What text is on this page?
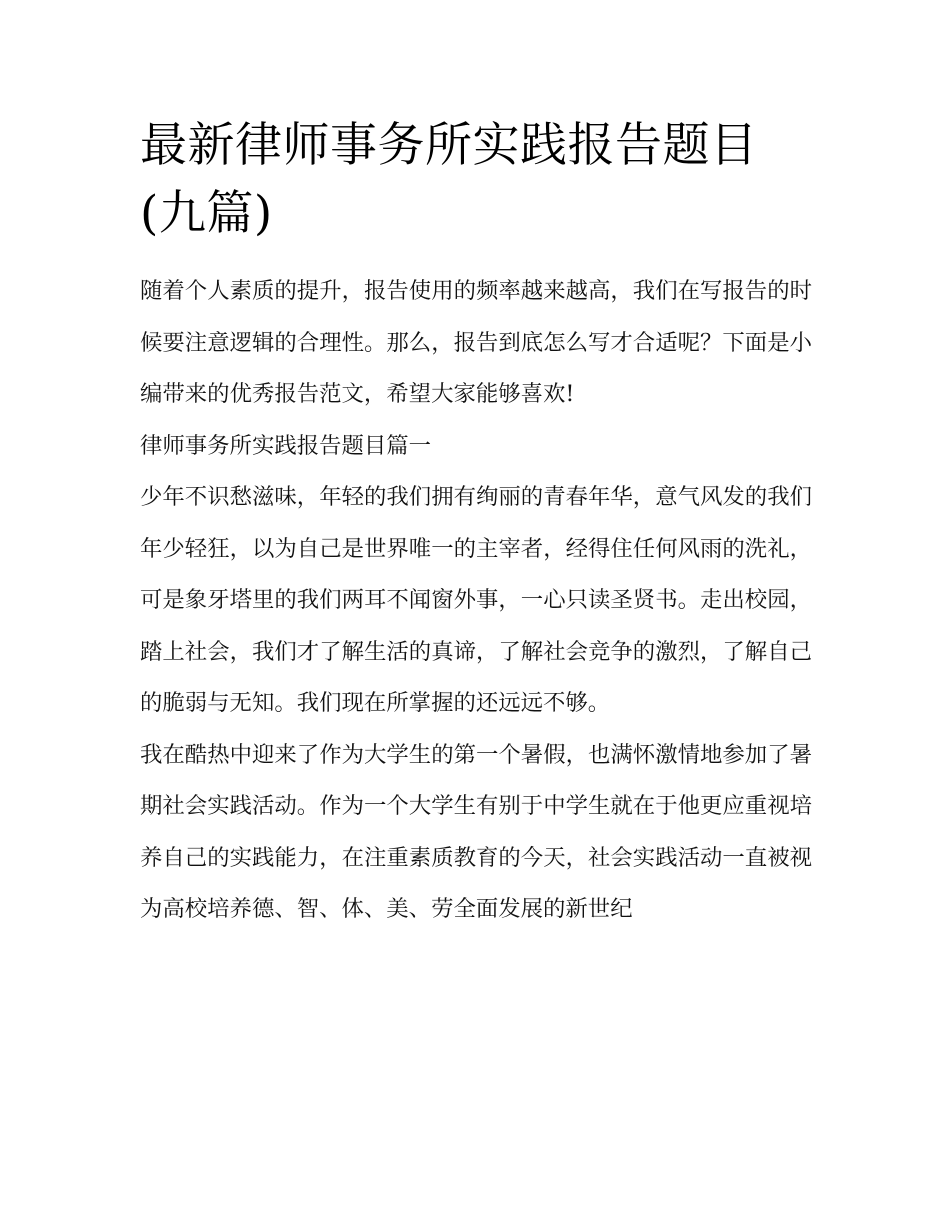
最新律师事务所实践报告题目(九篇)

随着个人素质的提升，报告使用的频率越来越高，我们在写报告的时候要注意逻辑的合理性。那么，报告到底怎么写才合适呢？下面是小编带来的优秀报告范文，希望大家能够喜欢!

律师事务所实践报告题目篇一

少年不识愁滋味，年轻的我们拥有绚丽的青春年华，意气风发的我们年少轻狂，以为自己是世界唯一的主宰者，经得住任何风雨的洗礼，可是象牙塔里的我们两耳不闻窗外事，一心只读圣贤书。走出校园，踏上社会，我们才了解生活的真谛，了解社会竞争的激烈，了解自己的脆弱与无知。我们现在所掌握的还远远不够。

我在酷热中迎来了作为大学生的第一个暑假，也满怀激情地参加了暑期社会实践活动。作为一个大学生有别于中学生就在于他更应重视培养自己的实践能力，在注重素质教育的今天，社会实践活动一直被视为高校培养德、智、体、美、劳全面发展的新世纪
